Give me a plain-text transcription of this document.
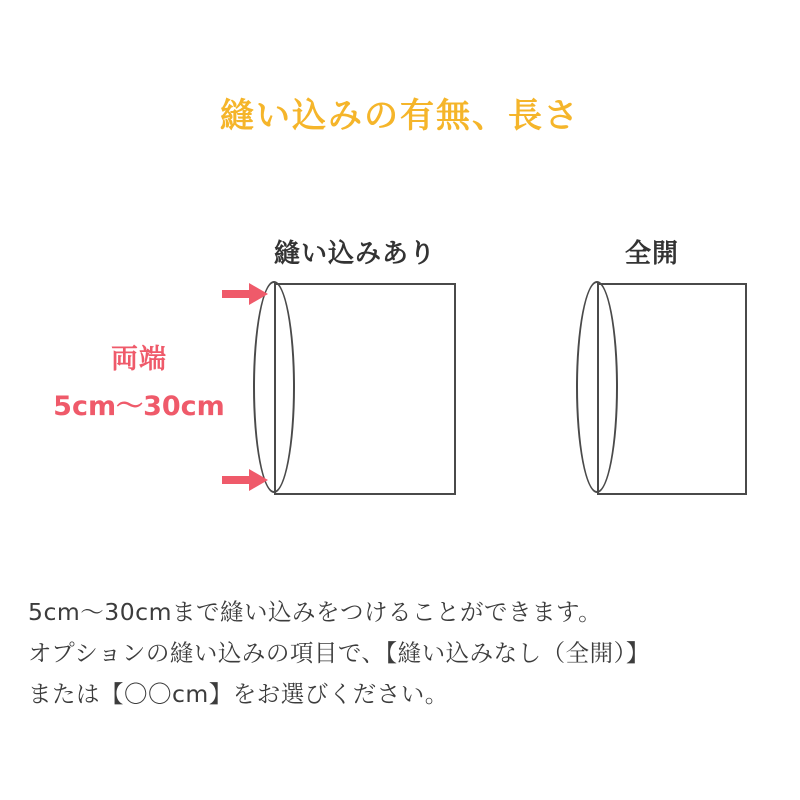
縫い込みの有無、長さ
縫い込みあり	全開
両端
5cm〜30cm
5cm〜30cmまで縫い込みをつけることができます。
オプションの縫い込みの項目で、【縫い込みなし（全開）】
または【〇〇cm】をお選びください。
